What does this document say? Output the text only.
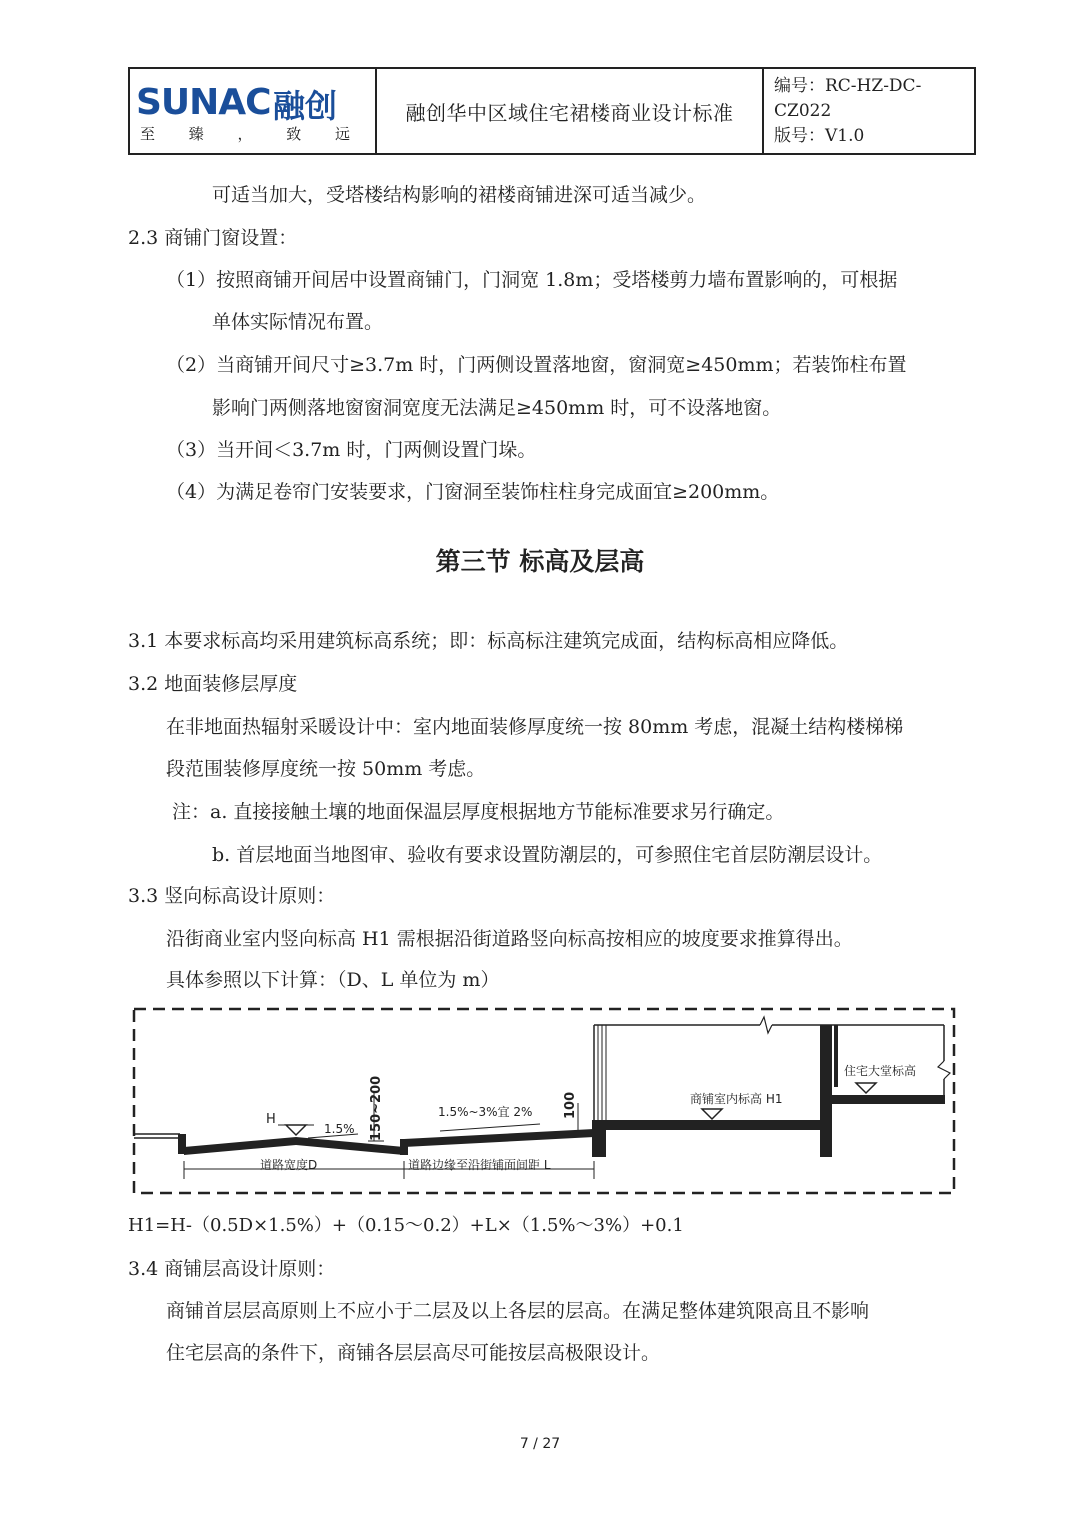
SUNAC 融创
至 臻 ， 致 远
融创华中区域住宅裙楼商业设计标准
编号：RC-HZ-DC-CZ022
版号：V1.0
可适当加大，受塔楼结构影响的裙楼商铺进深可适当减少。
2.3 商铺门窗设置：
（1）按照商铺开间居中设置商铺门，门洞宽 1.8m；受塔楼剪力墙布置影响的，可根据
单体实际情况布置。
（2）当商铺开间尺寸≥3.7m 时，门两侧设置落地窗，窗洞宽≥450mm；若装饰柱布置
影响门两侧落地窗窗洞宽度无法满足≥450mm 时，可不设落地窗。
（3）当开间＜3.7m 时，门两侧设置门垛。
（4）为满足卷帘门安装要求，门窗洞至装饰柱柱身完成面宜≥200mm。
第三节 标高及层高
3.1 本要求标高均采用建筑标高系统；即：标高标注建筑完成面，结构标高相应降低。
3.2 地面装修层厚度
在非地面热辐射采暖设计中：室内地面装修厚度统一按 80mm 考虑，混凝土结构楼梯梯
段范围装修厚度统一按 50mm 考虑。
注：a. 直接接触土壤的地面保温层厚度根据地方节能标准要求另行确定。
b. 首层地面当地图审、验收有要求设置防潮层的，可参照住宅首层防潮层设计。
3.3 竖向标高设计原则：
沿街商业室内竖向标高 H1 需根据沿街道路竖向标高按相应的坡度要求推算得出。
具体参照以下计算：（D、L 单位为 m）
H
1.5% 150~200	1.5%~3%宜 2% 100	商铺室内标高 H1
住宅大堂标高
道路宽度D	道路边缘至沿街铺面间距 L
H1=H-（0.5D×1.5%）+（0.15～0.2）+L×（1.5%～3%）+0.1
3.4 商铺层高设计原则：
商铺首层层高原则上不应小于二层及以上各层的层高。在满足整体建筑限高且不影响
住宅层高的条件下，商铺各层层高尽可能按层高极限设计。
7 / 27
